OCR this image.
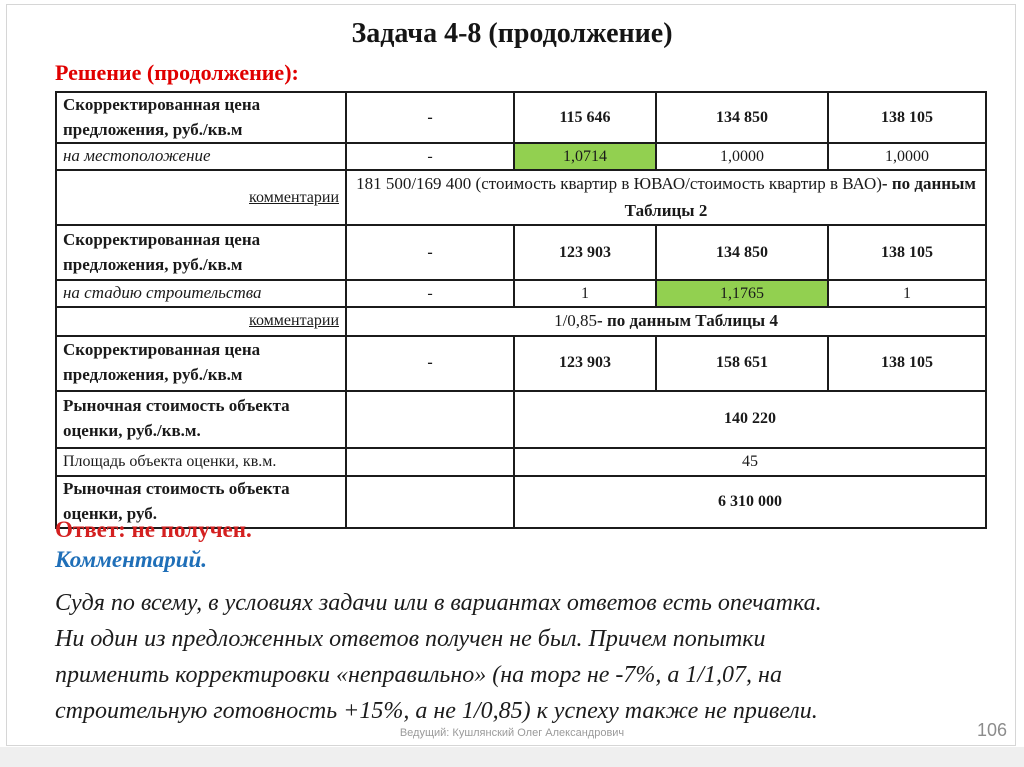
Задача 4-8 (продолжение)
Решение (продолжение):
Скорректированная цена предложения, руб./кв.м	-	115 646	134 850	138 105
на местоположение	-	1,0714	1,0000	1,0000
комментарии	181 500/169 400 (стоимость квартир в ЮВАО/стоимость квартир в ВАО)- по данным Таблицы 2			
Скорректированная цена предложения, руб./кв.м	-	123 903	134 850	138 105
на стадию строительства	-	1	1,1765	1
комментарии	1/0,85- по данным Таблицы 4			
Скорректированная цена предложения, руб./кв.м	-	123 903	158 651	138 105
Рыночная стоимость объекта оценки, руб./кв.м.		140 220		
Площадь объекта оценки, кв.м.		45		
Рыночная стоимость объекта оценки, руб.		6 310 000		
Ответ: не получен.
Комментарий.
Судя по всему, в условиях задачи или в вариантах ответов есть опечатка.
Ни один из предложенных ответов получен не был. Причем попытки
применить корректировки «неправильно» (на торг не -7%, а 1/1,07, на
строительную готовность +15%, а не 1/0,85) к успеху также не привели.
Ведущий: Кушлянский Олег Александрович	106
